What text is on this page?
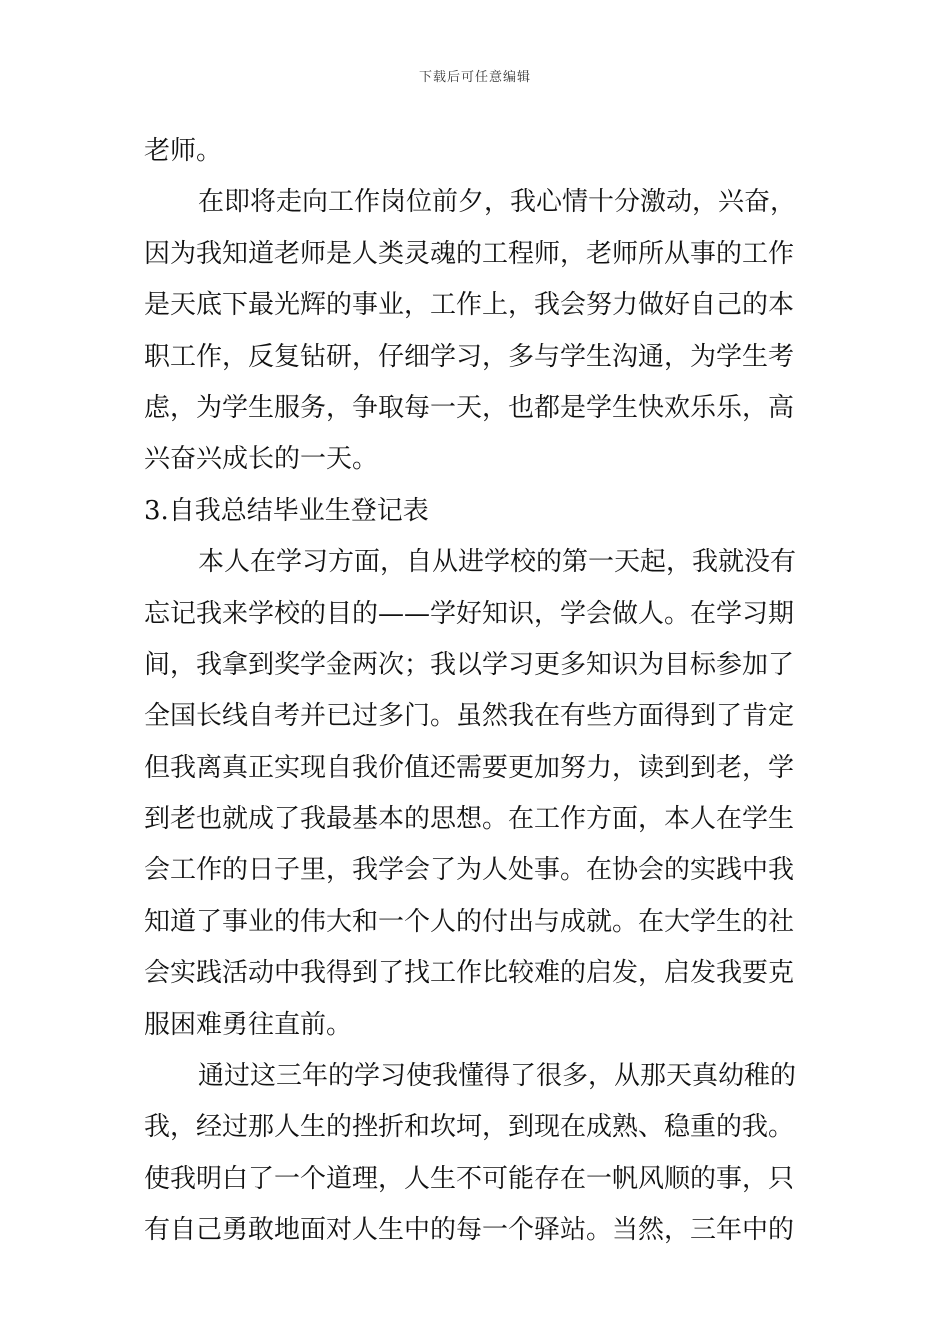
下载后可任意编辑
老师。
在即将走向工作岗位前夕，我心情十分激动，兴奋，
因为我知道老师是人类灵魂的工程师，老师所从事的工作
是天底下最光辉的事业，工作上，我会努力做好自己的本
职工作，反复钻研，仔细学习，多与学生沟通，为学生考
虑，为学生服务，争取每一天，也都是学生快欢乐乐，高
兴奋兴成长的一天。
3.自我总结毕业生登记表
本人在学习方面，自从进学校的第一天起，我就没有
忘记我来学校的目的——学好知识，学会做人。在学习期
间，我拿到奖学金两次；我以学习更多知识为目标参加了
全国长线自考并已过多门。虽然我在有些方面得到了肯定
但我离真正实现自我价值还需要更加努力，读到到老，学
到老也就成了我最基本的思想。在工作方面，本人在学生
会工作的日子里，我学会了为人处事。在协会的实践中我
知道了事业的伟大和一个人的付出与成就。在大学生的社
会实践活动中我得到了找工作比较难的启发，启发我要克
服困难勇往直前。
通过这三年的学习使我懂得了很多，从那天真幼稚的
我，经过那人生的挫折和坎坷，到现在成熟、稳重的我。
使我明白了一个道理，人生不可能存在一帆风顺的事，只
有自己勇敢地面对人生中的每一个驿站。当然，三年中的
